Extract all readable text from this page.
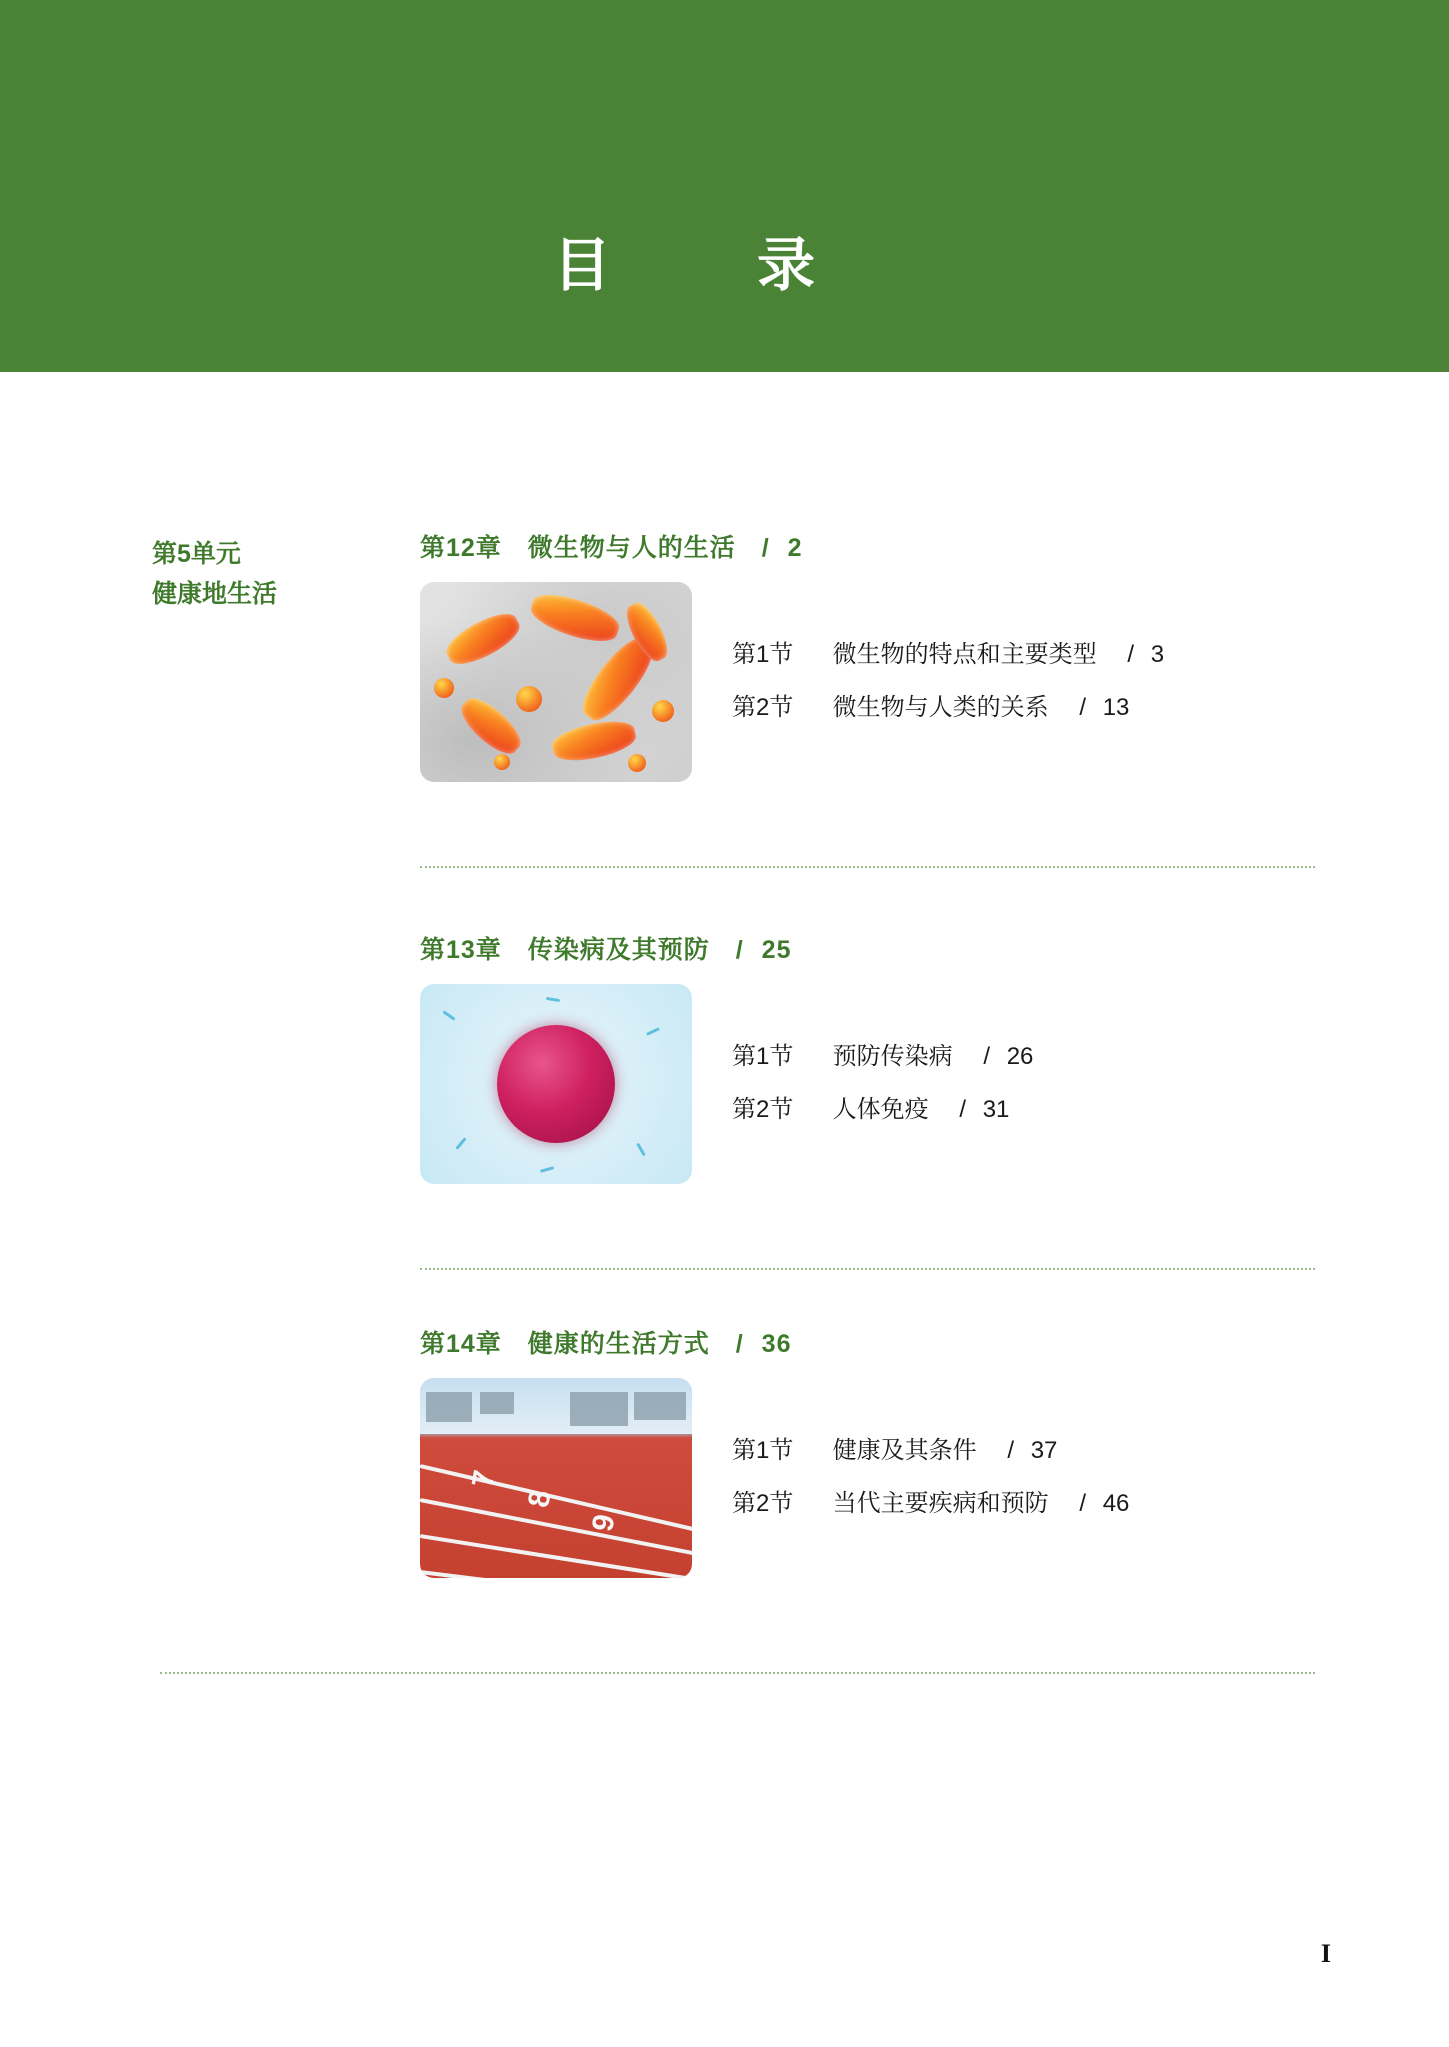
目　录
第5单元
健康地生活
第12章　微生物与人的生活 / 2
第1节 微生物的特点和主要类型 / 3
第2节 微生物与人类的关系 / 13
第13章　传染病及其预防 / 25
第1节 预防传染病 / 26
第2节 人体免疫 / 31
第14章　健康的生活方式 / 36
7
8
9
第1节 健康及其条件 / 37
第2节 当代主要疾病和预防 / 46
I
